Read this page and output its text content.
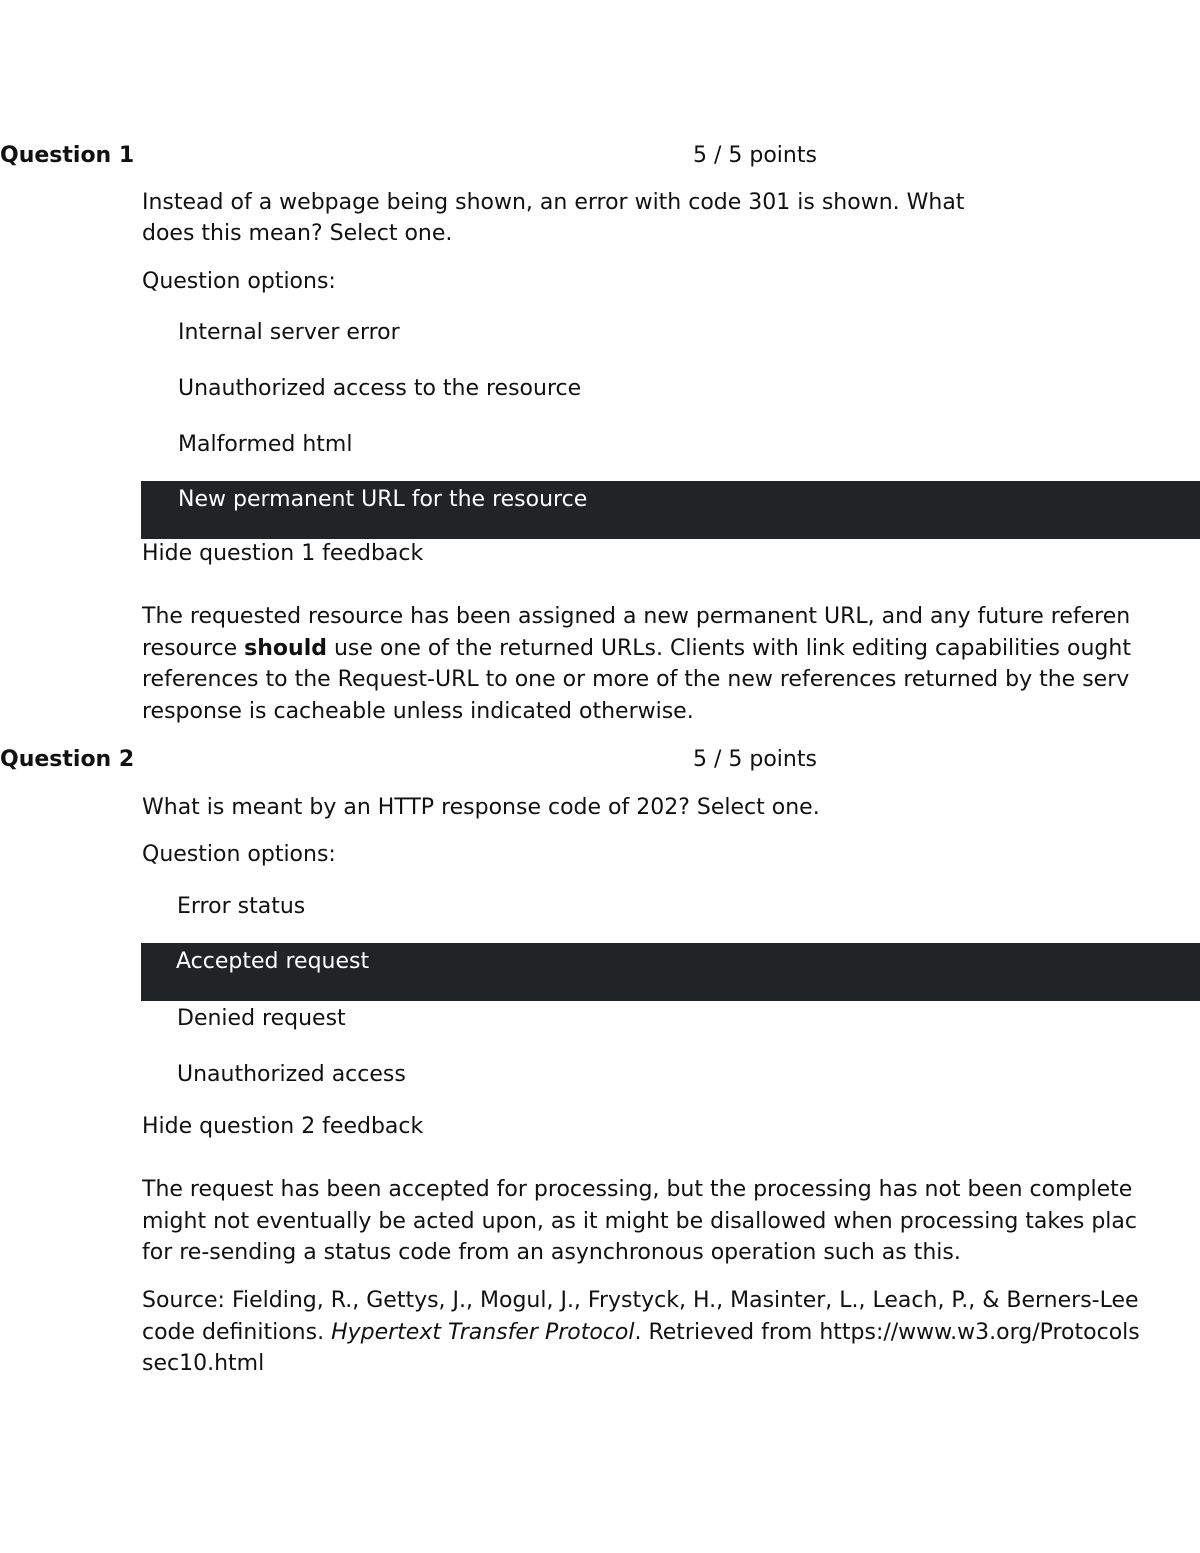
Question 1	5 / 5 points
Instead of a webpage being shown, an error with code 301 is shown. What
does this mean? Select one.
Question options:
Internal server error
Unauthorized access to the resource
Malformed html
New permanent URL for the resource
Hide question 1 feedback
The requested resource has been assigned a new permanent URL, and any future referen
resource should use one of the returned URLs. Clients with link editing capabilities ought
references to the Request-URL to one or more of the new references returned by the serv
response is cacheable unless indicated otherwise.
Question 2	5 / 5 points
What is meant by an HTTP response code of 202? Select one.
Question options:
Error status
Accepted request
Denied request
Unauthorized access
Hide question 2 feedback
The request has been accepted for processing, but the processing has not been complete
might not eventually be acted upon, as it might be disallowed when processing takes plac
for re-sending a status code from an asynchronous operation such as this.
Source: Fielding, R., Gettys, J., Mogul, J., Frystyck, H., Masinter, L., Leach, P., & Berners-Lee
code definitions. Hypertext Transfer Protocol. Retrieved from https://www.w3.org/Protocols
sec10.html
